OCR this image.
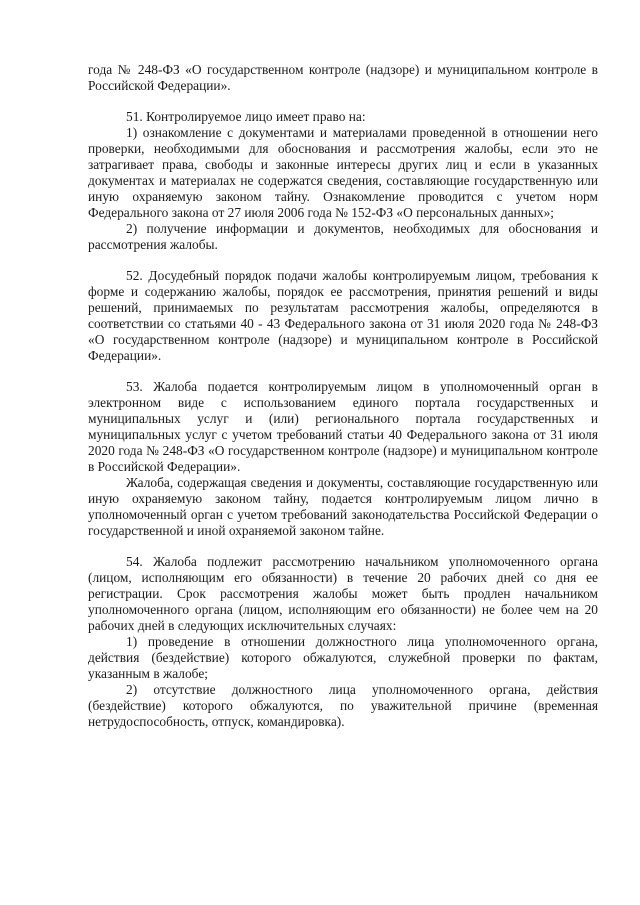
года № 248-ФЗ «О государственном контроле (надзоре) и муниципальном контроле в Российской Федерации».

51. Контролируемое лицо имеет право на:

1) ознакомление с документами и материалами проведенной в отношении него проверки, необходимыми для обоснования и рассмотрения жалобы, если это не затрагивает права, свободы и законные интересы других лиц и если в указанных документах и материалах не содержатся сведения, составляющие государственную или иную охраняемую законом тайну. Ознакомление проводится с учетом норм Федерального закона от 27 июля 2006 года № 152-ФЗ «О персональных данных»;

2) получение информации и документов, необходимых для обоснования и рассмотрения жалобы.

52. Досудебный порядок подачи жалобы контролируемым лицом, требования к форме и содержанию жалобы, порядок ее рассмотрения, принятия решений и виды решений, принимаемых по результатам рассмотрения жалобы, определяются в соответствии со статьями 40 - 43 Федерального закона от 31 июля 2020 года № 248-ФЗ «О государственном контроле (надзоре) и муниципальном контроле в Российской Федерации».

53. Жалоба подается контролируемым лицом в уполномоченный орган в электронном виде с использованием единого портала государственных и муниципальных услуг и (или) регионального портала государственных и муниципальных услуг с учетом требований статьи 40 Федерального закона от 31 июля 2020 года № 248-ФЗ «О государственном контроле (надзоре) и муниципальном контроле в Российской Федерации».

Жалоба, содержащая сведения и документы, составляющие государственную или иную охраняемую законом тайну, подается контролируемым лицом лично в уполномоченный орган с учетом требований законодательства Российской Федерации о государственной и иной охраняемой законом тайне.

54. Жалоба подлежит рассмотрению начальником уполномоченного органа (лицом, исполняющим его обязанности) в течение 20 рабочих дней со дня ее регистрации. Срок рассмотрения жалобы может быть продлен начальником уполномоченного органа (лицом, исполняющим его обязанности) не более чем на 20 рабочих дней в следующих исключительных случаях:

1) проведение в отношении должностного лица уполномоченного органа, действия (бездействие) которого обжалуются, служебной проверки по фактам, указанным в жалобе;

2) отсутствие должностного лица уполномоченного органа, действия (бездействие) которого обжалуются, по уважительной причине (временная нетрудоспособность, отпуск, командировка).
